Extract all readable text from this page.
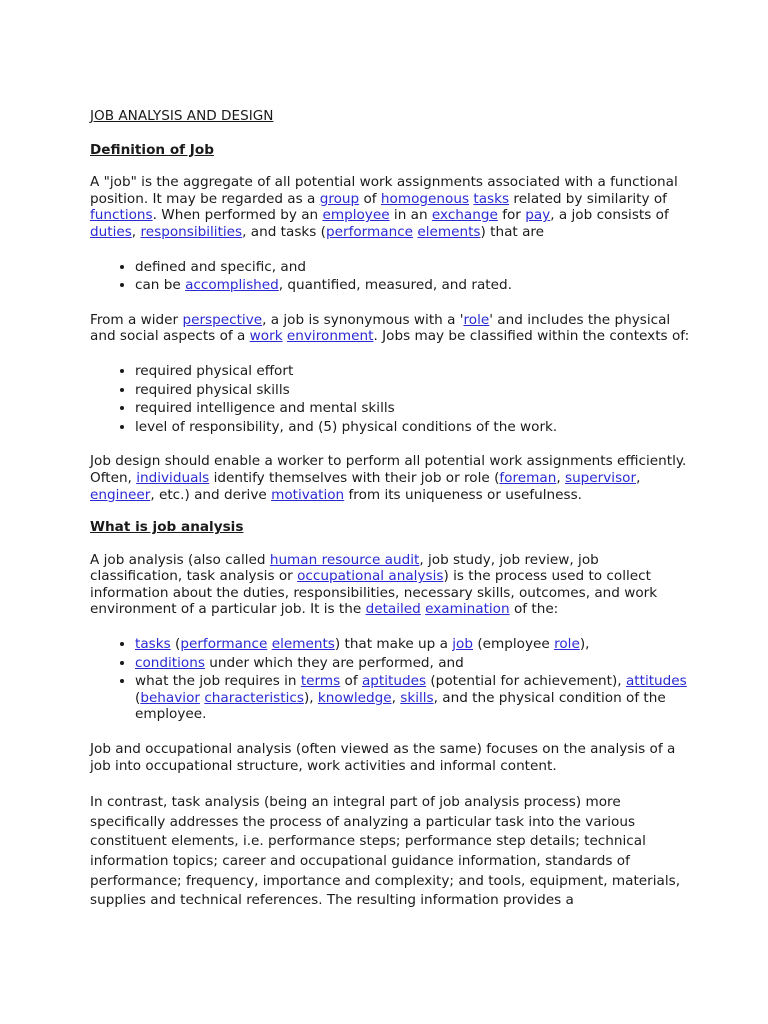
JOB ANALYSIS AND DESIGN
Definition of Job

A "job" is the aggregate of all potential work assignments associated with a functional position. It may be regarded as a group of homogenous tasks related by similarity of functions. When performed by an employee in an exchange for pay, a job consists of duties, responsibilities, and tasks (performance elements) that are

• defined and specific, and
• can be accomplished, quantified, measured, and rated.

From a wider perspective, a job is synonymous with a 'role' and includes the physical and social aspects of a work environment. Jobs may be classified within the contexts of:

• required physical effort
• required physical skills
• required intelligence and mental skills
• level of responsibility, and (5) physical conditions of the work.

Job design should enable a worker to perform all potential work assignments efficiently. Often, individuals identify themselves with their job or role (foreman, supervisor, engineer, etc.) and derive motivation from its uniqueness or usefulness.

What is job analysis

A job analysis (also called human resource audit, job study, job review, job classification, task analysis or occupational analysis) is the process used to collect information about the duties, responsibilities, necessary skills, outcomes, and work environment of a particular job. It is the detailed examination of the:

• tasks (performance elements) that make up a job (employee role),
• conditions under which they are performed, and
• what the job requires in terms of aptitudes (potential for achievement), attitudes (behavior characteristics), knowledge, skills, and the physical condition of the employee.

Job and occupational analysis (often viewed as the same) focuses on the analysis of a job into occupational structure, work activities and informal content.

In contrast, task analysis (being an integral part of job analysis process) more specifically addresses the process of analyzing a particular task into the various constituent elements, i.e. performance steps; performance step details; technical information topics; career and occupational guidance information, standards of performance; frequency, importance and complexity; and tools, equipment, materials, supplies and technical references. The resulting information provides a
